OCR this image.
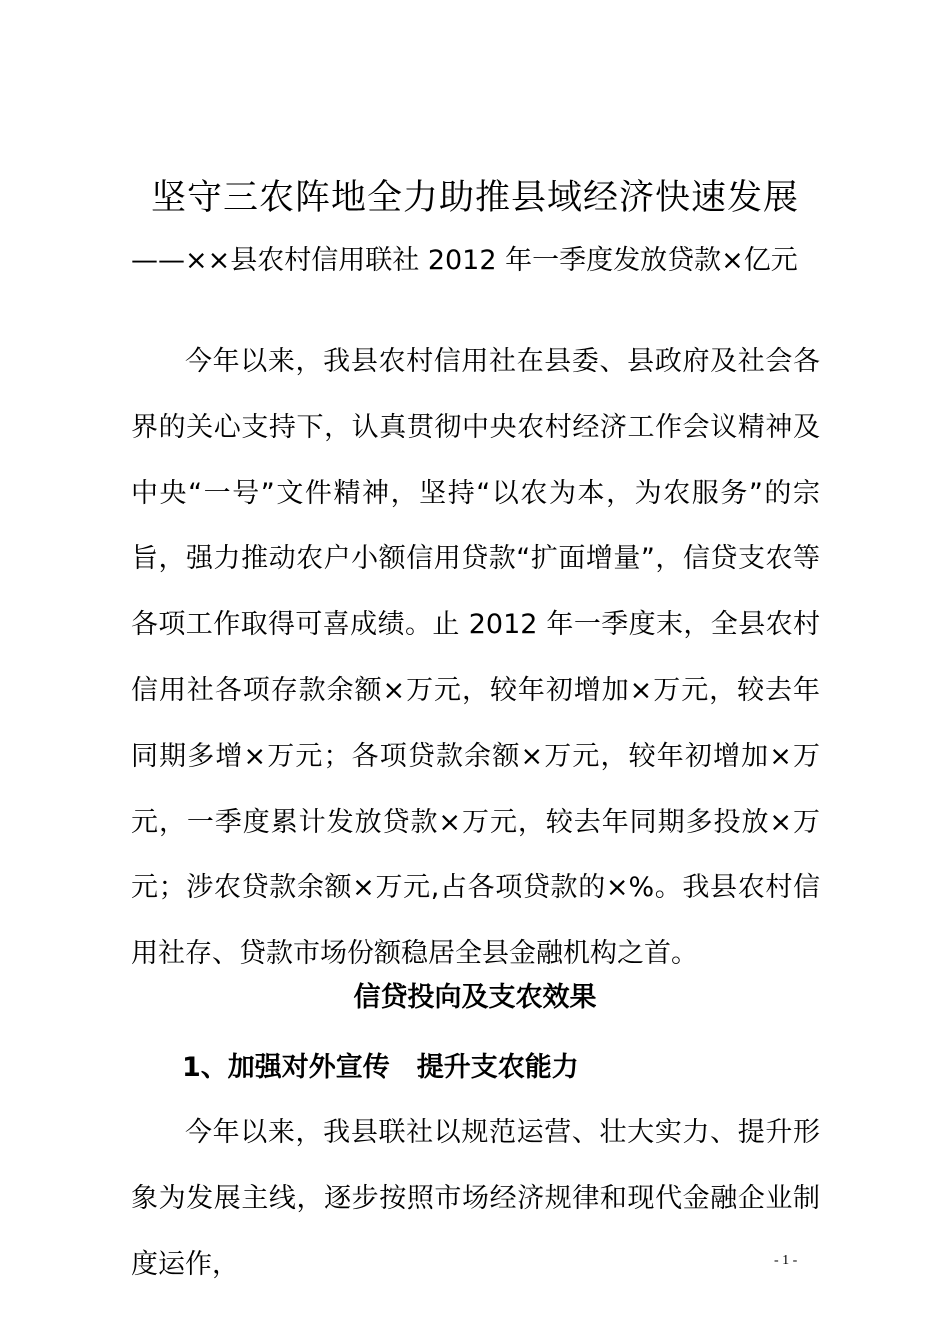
坚守三农阵地全力助推县域经济快速发展
——××县农村信用联社 2012 年一季度发放贷款×亿元

今年以来，我县农村信用社在县委、县政府及社会各界的关心支持下，认真贯彻中央农村经济工作会议精神及中央“一号”文件精神，坚持“以农为本，为农服务”的宗旨，强力推动农户小额信用贷款“扩面增量”，信贷支农等各项工作取得可喜成绩。止 2012 年一季度末，全县农村信用社各项存款余额×万元，较年初增加×万元，较去年同期多增×万元；各项贷款余额×万元，较年初增加×万元，一季度累计发放贷款×万元，较去年同期多投放×万元；涉农贷款余额×万元,占各项贷款的×%。我县农村信用社存、贷款市场份额稳居全县金融机构之首。

信贷投向及支农效果
1、加强对外宣传　提升支农能力

今年以来，我县联社以规范运营、壮大实力、提升形象为发展主线，逐步按照市场经济规律和现代金融企业制度运作，	- 1 -
